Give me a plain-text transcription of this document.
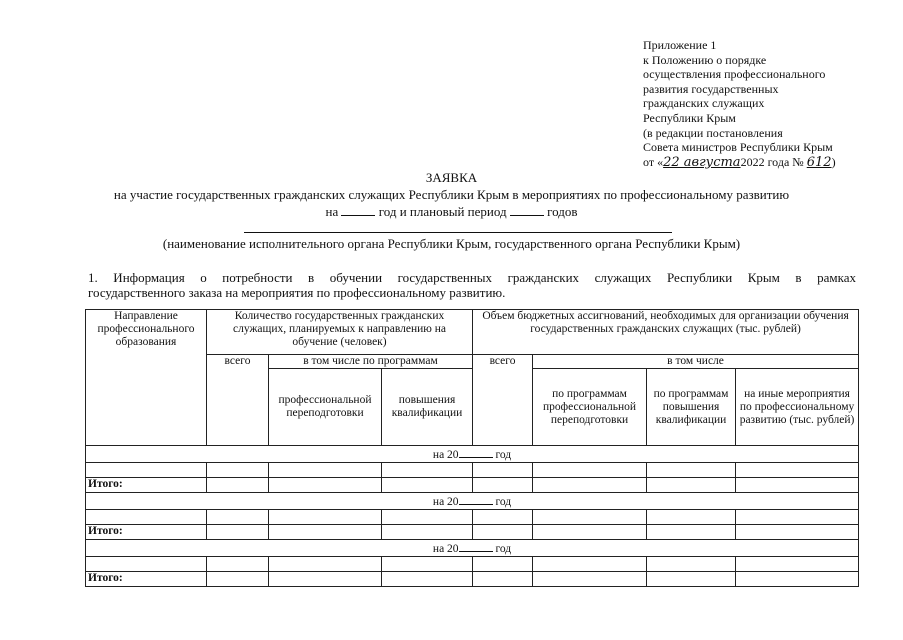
Приложение 1
к Положению о порядке
осуществления профессионального
развития государственных
гражданских служащих
Республики Крым
(в редакции постановления
Совета министров Республики Крым
от «22 августа2022 года № 612)
ЗАЯВКА
на участие государственных гражданских служащих Республики Крым в мероприятиях по профессиональному развитию
на	год и плановый период	годов
(наименование исполнительного органа Республики Крым, государственного органа Республики Крым)
1. Информация о потребности в обучении государственных гражданских служащих Республики Крым в рамках
государственного заказа на мероприятия по профессиональному развитию.
Направление профессионального образования	Количество государственных гражданских служащих, планируемых к направлению на обучение (человек)			Объем бюджетных ассигнований, необходимых для организации обучения государственных гражданских служащих (тыс. рублей)			
	всего	в том числе по программам		всего	в том числе		
		профессиональной переподготовки	повышения квалификации		по программам профессиональной переподготовки	по программам повышения квалификации	на иные мероприятия по профессиональному развитию (тыс. рублей)
на 20 год							

Итого:							
на 20 год							

Итого:							
на 20 год							

Итого:							
